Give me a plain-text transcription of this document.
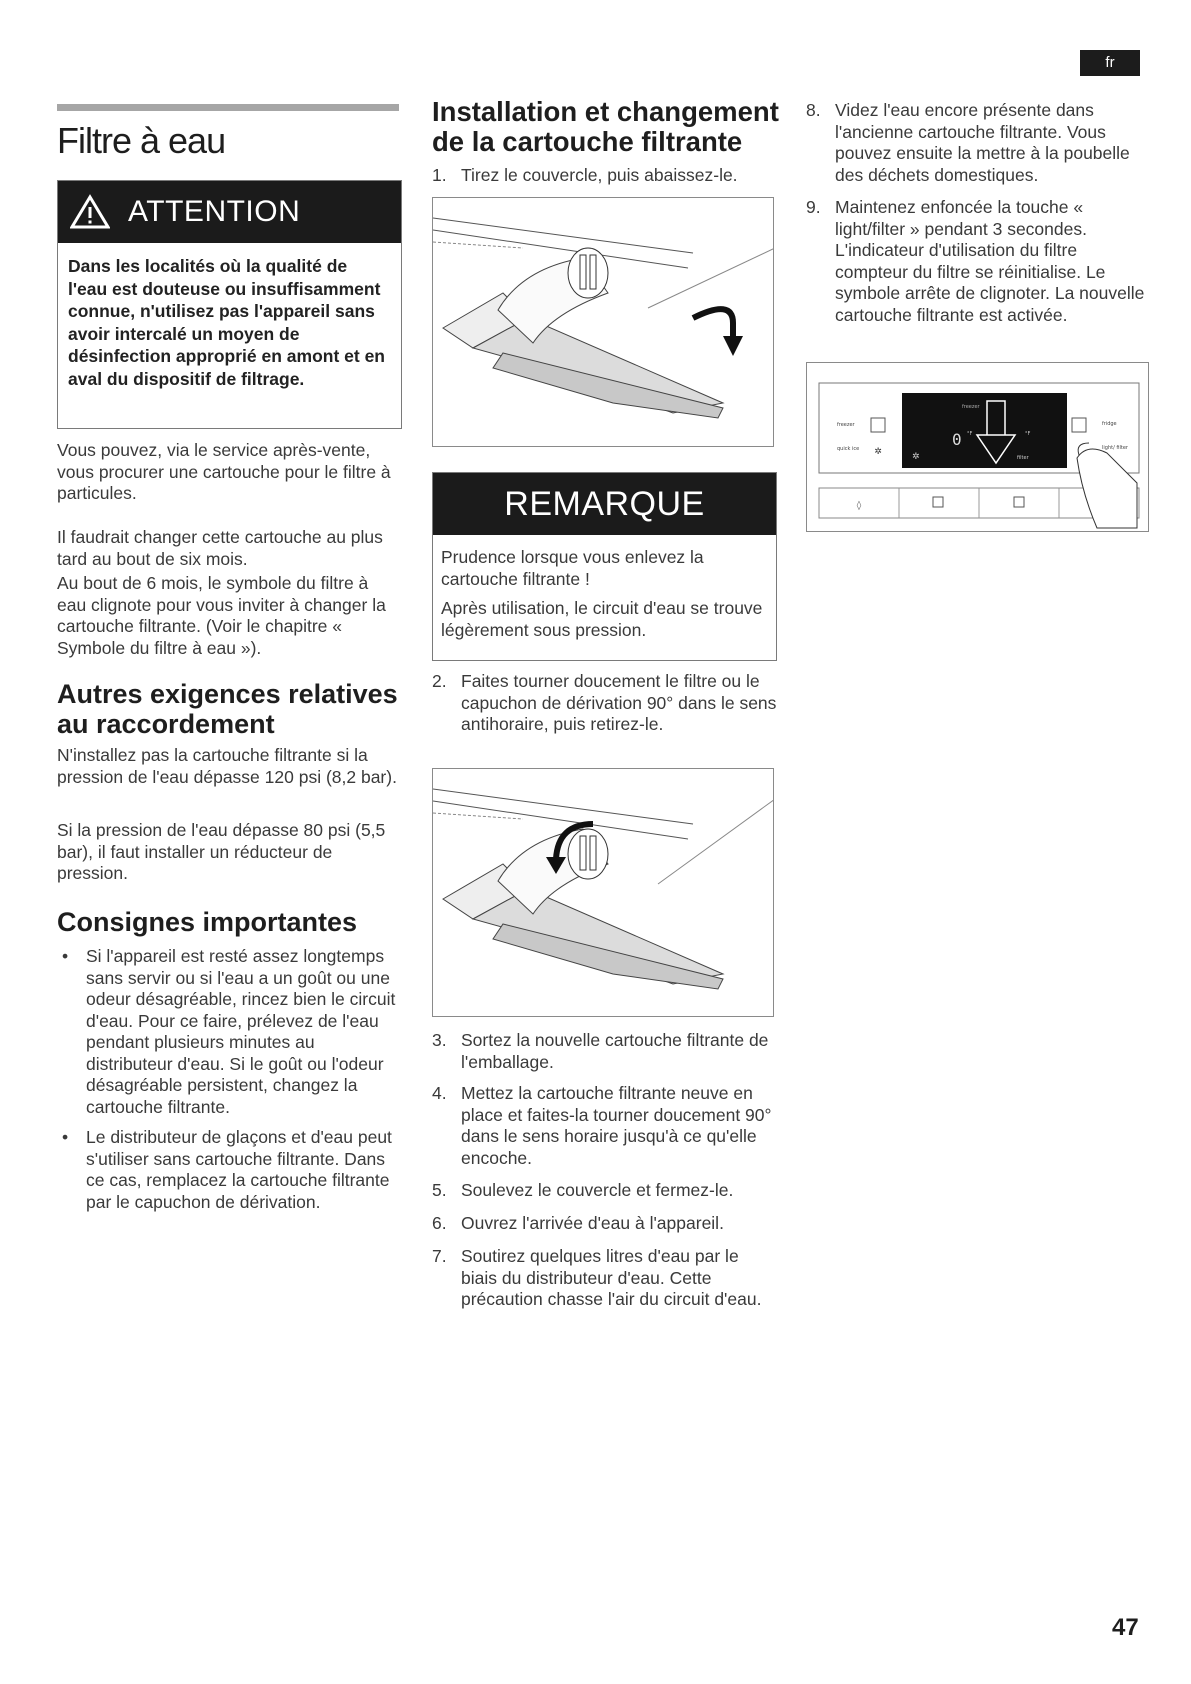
fr
Filtre à eau
ATTENTION
Dans les localités où la qualité de l'eau est douteuse ou insuffisamment connue, n'utilisez pas l'appareil sans avoir intercalé un moyen de désinfection approprié en amont et en aval du dispositif de filtrage.

Vous pouvez, via le service après-vente, vous procurer une cartouche pour le filtre à particules.

Il faudrait changer cette cartouche au plus tard au bout de six mois.

Au bout de 6 mois, le symbole du filtre à eau clignote pour vous inviter à changer la cartouche filtrante. (Voir le chapitre « Symbole du filtre à eau »).

Autres exigences relatives au raccordement

N'installez pas la cartouche filtrante si la pression de l'eau dépasse 120 psi (8,2 bar).

Si la pression de l'eau dépasse 80 psi (5,5 bar), il faut installer un réducteur de pression.

Consignes importantes
• Si l'appareil est resté assez longtemps sans servir ou si l'eau a un goût ou une odeur désagréable, rincez bien le circuit d'eau. Pour ce faire, prélevez de l'eau pendant plusieurs minutes au distributeur d'eau. Si le goût ou l'odeur désagréable persistent, changez la cartouche filtrante.
• Le distributeur de glaçons et d'eau peut s'utiliser sans cartouche filtrante. Dans ce cas, remplacez la cartouche filtrante par le capuchon de dérivation.
Installation et changement de la cartouche filtrante
1. Tirez le couvercle, puis abaissez-le.
REMARQUE

Prudence lorsque vous enlevez la cartouche filtrante !

Après utilisation, le circuit d'eau se trouve légèrement sous pression.

2. Faites tourner doucement le filtre ou le capuchon de dérivation 90° dans le sens antihoraire, puis retirez-le.
3. Sortez la nouvelle cartouche filtrante de l'emballage.
4. Mettez la cartouche filtrante neuve en place et faites-la tourner doucement 90° dans le sens horaire jusqu'à ce qu'elle encoche.
5. Soulevez le couvercle et fermez-le.
6. Ouvrez l'arrivée d'eau à l'appareil.
7. Soutirez quelques litres d'eau par le biais du distributeur d'eau. Cette précaution chasse l'air du circuit d'eau.
8. Videz l'eau encore présente dans l'ancienne cartouche filtrante. Vous pouvez ensuite la mettre à la poubelle des déchets domestiques.
9. Maintenez enfoncée la touche « light/filter » pendant 3 secondes. L'indicateur d'utilisation du filtre compteur du filtre se réinitialise. Le symbole arrête de clignoter. La nouvelle cartouche filtrante est activée.
freezer
quick ice ✲
freezer
0 °F	°F
filter
✲
fridge
light/ filter
◊
47
